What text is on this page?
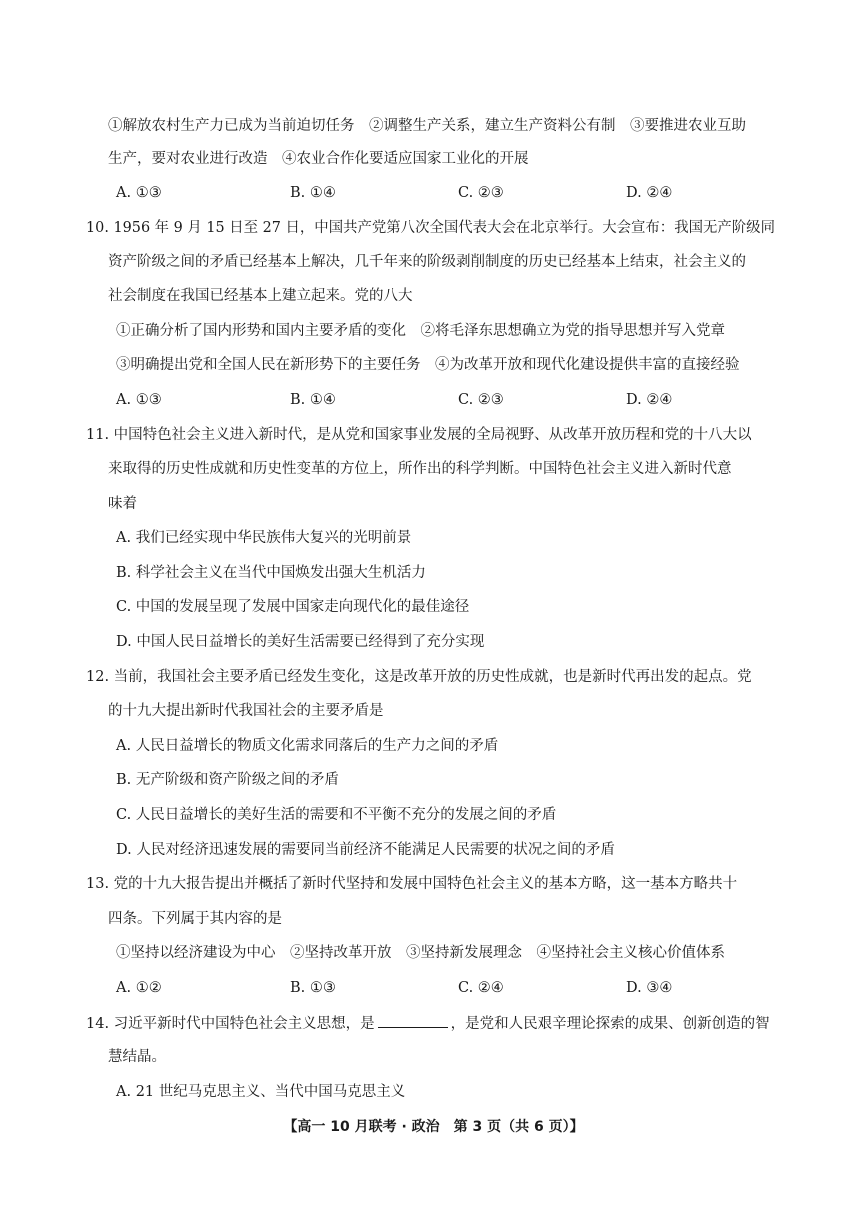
①解放农村生产力已成为当前迫切任务　②调整生产关系，建立生产资料公有制　③要推进农业互助
生产，要对农业进行改造　④农业合作化要适应国家工业化的开展
A. ①③	B. ①④	C. ②③	D. ②④
10. 1956 年 9 月 15 日至 27 日，中国共产党第八次全国代表大会在北京举行。大会宣布：我国无产阶级同
资产阶级之间的矛盾已经基本上解决，几千年来的阶级剥削制度的历史已经基本上结束，社会主义的
社会制度在我国已经基本上建立起来。党的八大
①正确分析了国内形势和国内主要矛盾的变化　②将毛泽东思想确立为党的指导思想并写入党章
③明确提出党和全国人民在新形势下的主要任务　④为改革开放和现代化建设提供丰富的直接经验
A. ①③	B. ①④	C. ②③	D. ②④
11. 中国特色社会主义进入新时代，是从党和国家事业发展的全局视野、从改革开放历程和党的十八大以
来取得的历史性成就和历史性变革的方位上，所作出的科学判断。中国特色社会主义进入新时代意
味着
A. 我们已经实现中华民族伟大复兴的光明前景
B. 科学社会主义在当代中国焕发出强大生机活力
C. 中国的发展呈现了发展中国家走向现代化的最佳途径
D. 中国人民日益增长的美好生活需要已经得到了充分实现
12. 当前，我国社会主要矛盾已经发生变化，这是改革开放的历史性成就，也是新时代再出发的起点。党
的十九大提出新时代我国社会的主要矛盾是
A. 人民日益增长的物质文化需求同落后的生产力之间的矛盾
B. 无产阶级和资产阶级之间的矛盾
C. 人民日益增长的美好生活的需要和不平衡不充分的发展之间的矛盾
D. 人民对经济迅速发展的需要同当前经济不能满足人民需要的状况之间的矛盾
13. 党的十九大报告提出并概括了新时代坚持和发展中国特色社会主义的基本方略，这一基本方略共十
四条。下列属于其内容的是
①坚持以经济建设为中心　②坚持改革开放　③坚持新发展理念　④坚持社会主义核心价值体系
A. ①②	B. ①③	C. ②④	D. ③④
14. 习近平新时代中国特色社会主义思想，是	，是党和人民艰辛理论探索的成果、创新创造的智
慧结晶。
A. 21 世纪马克思主义、当代中国马克思主义
【高一 10 月联考 · 政治　第 3 页（共 6 页）】
